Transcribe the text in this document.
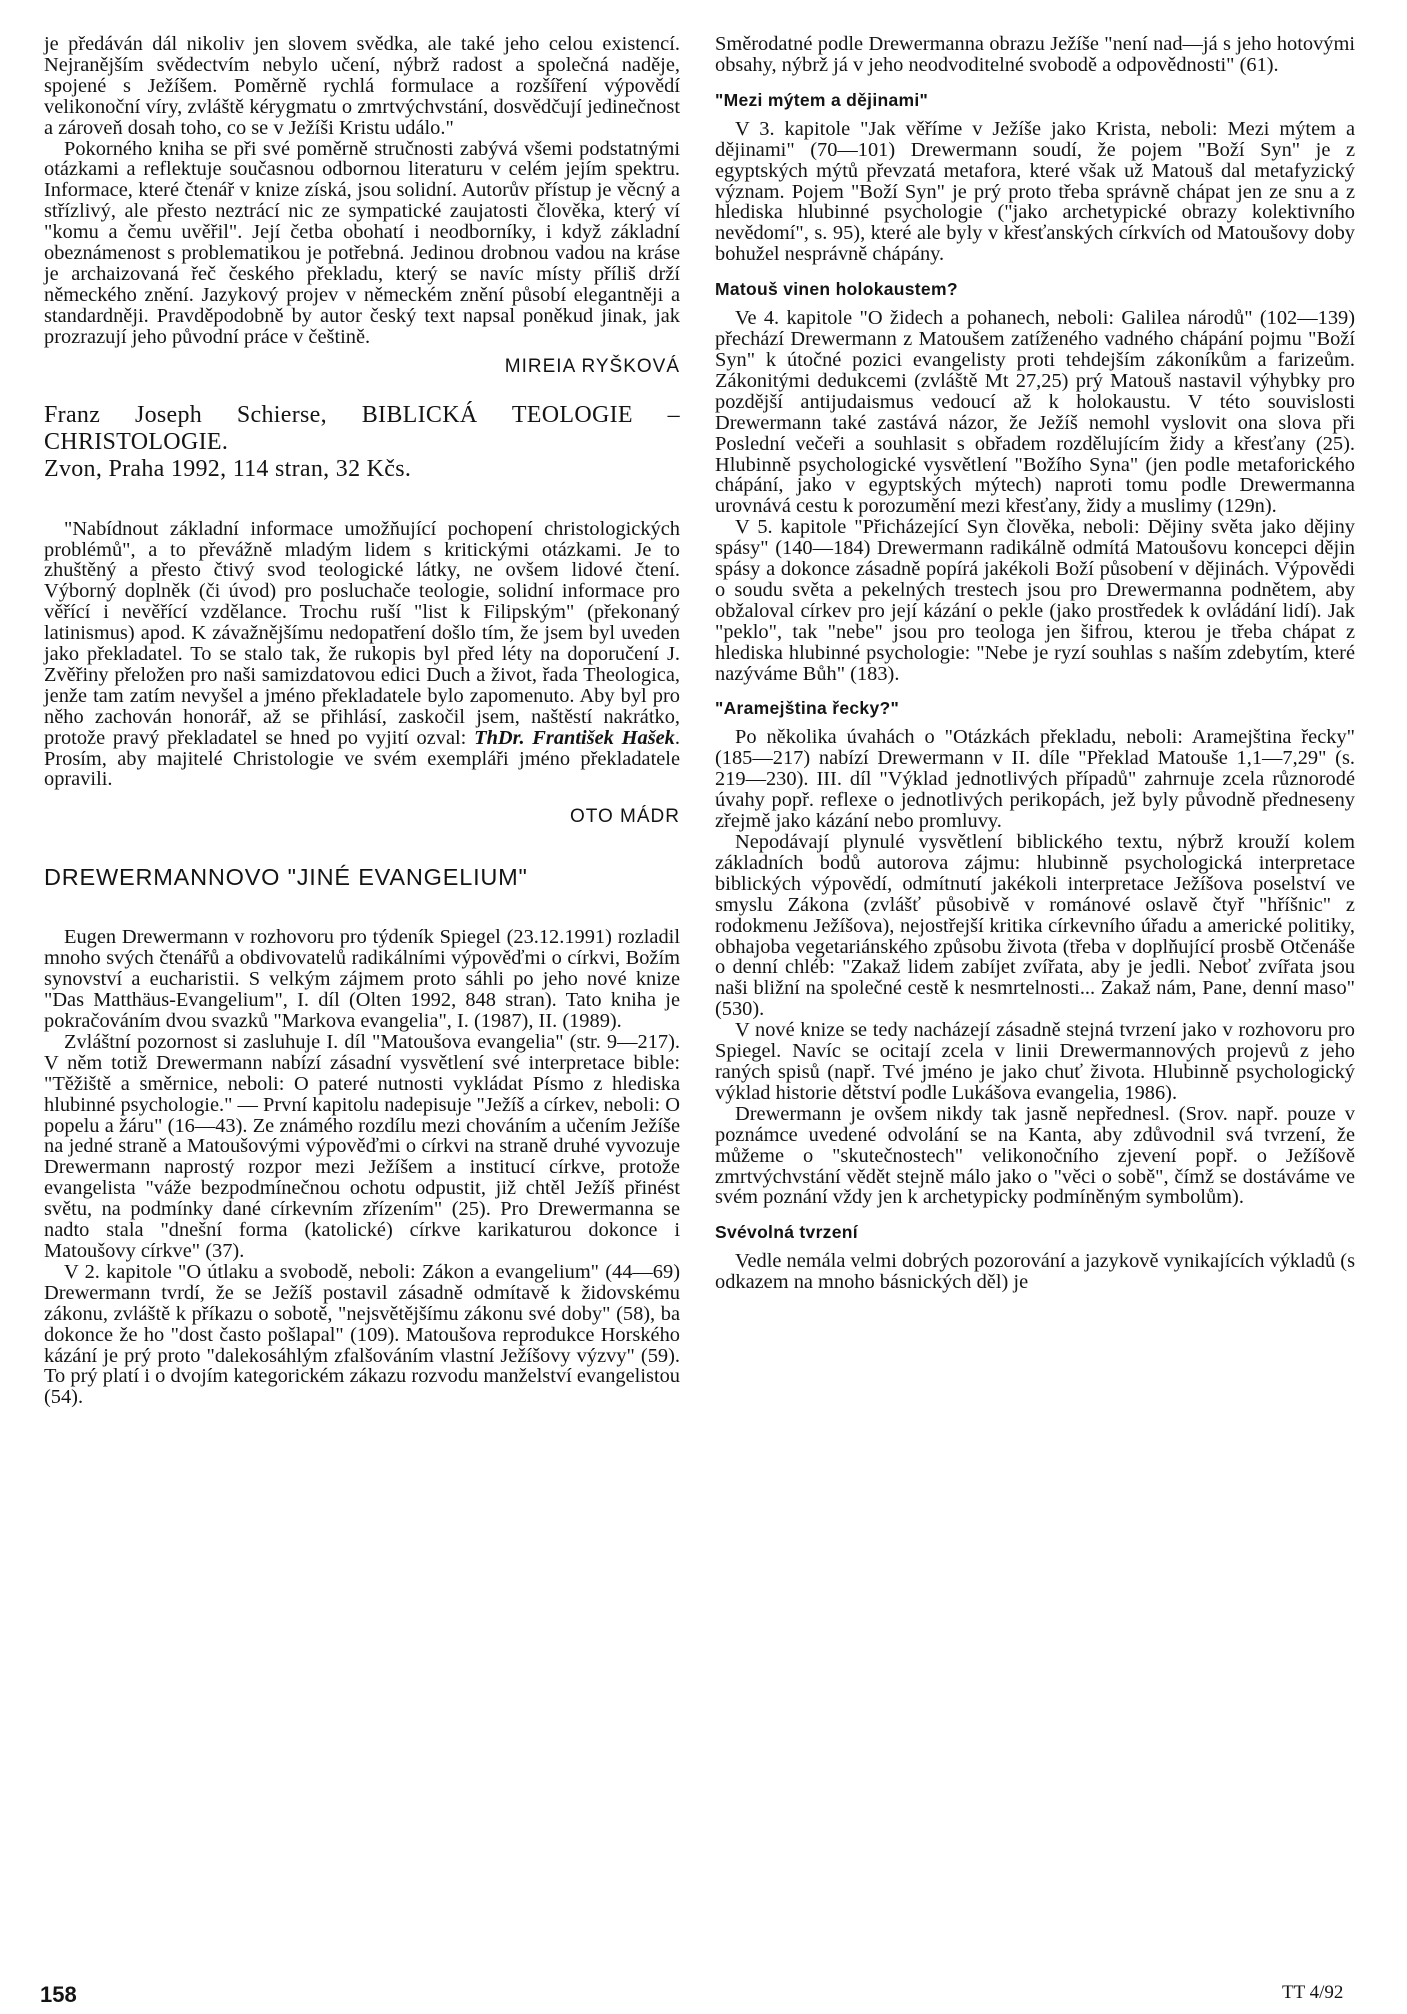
je předáván dál nikoliv jen slovem svědka, ale také jeho celou existencí. Nejranějším svědectvím nebylo učení, nýbrž radost a společná naděje, spojené s Ježíšem. Poměrně rychlá formulace a rozšíření výpovědí velikonoční víry, zvláště kérygmatu o zmrtvýchvstání, dosvědčují jedinečnost a zároveň dosah toho, co se v Ježíši Kristu událo."

Pokorného kniha se při své poměrně stručnosti zabývá všemi podstatnými otázkami a reflektuje současnou odbornou literaturu v celém jejím spektru. Informace, které čtenář v knize získá, jsou solidní. Autorův přístup je věcný a střízlivý, ale přesto neztrácí nic ze sympatické zaujatosti člověka, který ví "komu a čemu uvěřil". Její četba obohatí i neodborníky, i když základní obeznámenost s problematikou je potřebná. Jedinou drobnou vadou na kráse je archaizovaná řeč českého překladu, který se navíc místy příliš drží německého znění. Jazykový projev v německém znění působí elegantněji a standardněji. Pravděpodobně by autor český text napsal poněkud jinak, jak prozrazují jeho původní práce v češtině.

MIREIA RYŠKOVÁ

Franz Joseph Schierse, BIBLICKÁ TEOLOGIE – CHRISTOLOGIE.

Zvon, Praha 1992, 114 stran, 32 Kčs.

"Nabídnout základní informace umožňující pochopení christologických problémů", a to převážně mladým lidem s kritickými otázkami. Je to zhuštěný a přesto čtivý svod teologické látky, ne ovšem lidové čtení. Výborný doplněk (či úvod) pro posluchače teologie, solidní informace pro věřící i nevěřící vzdělance. Trochu ruší "list k Filipským" (překonaný latinismus) apod. K závažnějšímu nedopatření došlo tím, že jsem byl uveden jako překladatel. To se stalo tak, že rukopis byl před léty na doporučení J. Zvěřiny přeložen pro naši samizdatovou edici Duch a život, řada Theologica, jenže tam zatím nevyšel a jméno překladatele bylo zapomenuto. Aby byl pro něho zachován honorář, až se přihlásí, zaskočil jsem, naštěstí nakrátko, protože pravý překladatel se hned po vyjití ozval: ThDr. František Hašek. Prosím, aby majitelé Christologie ve svém exempláři jméno překladatele opravili.

OTO MÁDR

DREWERMANNOVO "JINÉ EVANGELIUM"

Eugen Drewermann v rozhovoru pro týdeník Spiegel (23.12.1991) rozladil mnoho svých čtenářů a obdivovatelů radikálními výpověďmi o církvi, Božím synovství a eucharistii. S velkým zájmem proto sáhli po jeho nové knize "Das Matthäus-Evangelium", I. díl (Olten 1992, 848 stran). Tato kniha je pokračováním dvou svazků "Markova evangelia", I. (1987), II. (1989).

Zvláštní pozornost si zasluhuje I. díl "Matoušova evangelia" (str. 9—217). V něm totiž Drewermann nabízí zásadní vysvětlení své interpretace bible: "Těžiště a směrnice, neboli: O pateré nutnosti vykládat Písmo z hlediska hlubinné psychologie." — První kapitolu nadepisuje "Ježíš a církev, neboli: O popelu a žáru" (16—43). Ze známého rozdílu mezi chováním a učením Ježíše na jedné straně a Matoušovými výpověďmi o církvi na straně druhé vyvozuje Drewermann naprostý rozpor mezi Ježíšem a institucí církve, protože evangelista "váže bezpodmínečnou ochotu odpustit, již chtěl Ježíš přinést světu, na podmínky dané církevním zřízením" (25). Pro Drewermanna se nadto stala "dnešní forma (katolické) církve karikaturou dokonce i Matoušovy církve" (37).

V 2. kapitole "O útlaku a svobodě, neboli: Zákon a evangelium" (44—69) Drewermann tvrdí, že se Ježíš postavil zásadně odmítavě k židovskému zákonu, zvláště k příkazu o sobotě, "nejsvětějšímu zákonu své doby" (58), ba dokonce že ho "dost často pošlapal" (109). Matoušova reprodukce Horského kázání je prý proto "dalekosáhlým zfalšováním vlastní Ježíšovy výzvy" (59). To prý platí i o dvojím kategorickém zákazu rozvodu manželství evangelistou (54).

Směrodatné podle Drewermanna obrazu Ježíše "není nad—já s jeho hotovými obsahy, nýbrž já v jeho neodvoditelné svobodě a odpovědnosti" (61).

"Mezi mýtem a dějinami"

V 3. kapitole "Jak věříme v Ježíše jako Krista, neboli: Mezi mýtem a dějinami" (70—101) Drewermann soudí, že pojem "Boží Syn" je z egyptských mýtů převzatá metafora, které však už Matouš dal metafyzický význam. Pojem "Boží Syn" je prý proto třeba správně chápat jen ze snu a z hlediska hlubinné psychologie ("jako archetypické obrazy kolektivního nevědomí", s. 95), které ale byly v křesťanských církvích od Matoušovy doby bohužel nesprávně chápány.

Matouš vinen holokaustem?

Ve 4. kapitole "O židech a pohanech, neboli: Galilea národů" (102—139) přechází Drewermann z Matoušem zatíženého vadného chápání pojmu "Boží Syn" k útočné pozici evangelisty proti tehdejším zákoníkům a farizeům. Zákonitými dedukcemi (zvláště Mt 27,25) prý Matouš nastavil výhybky pro pozdější antijudaismus vedoucí až k holokaustu. V této souvislosti Drewermann také zastává názor, že Ježíš nemohl vyslovit ona slova při Poslední večeři a souhlasit s obřadem rozdělujícím židy a křesťany (25). Hlubinně psychologické vysvětlení "Božího Syna" (jen podle metaforického chápání, jako v egyptských mýtech) naproti tomu podle Drewermanna urovnává cestu k porozumění mezi křesťany, židy a muslimy (129n).

V 5. kapitole "Přicházející Syn člověka, neboli: Dějiny světa jako dějiny spásy" (140—184) Drewermann radikálně odmítá Matoušovu koncepci dějin spásy a dokonce zásadně popírá jakékoli Boží působení v dějinách. Výpovědi o soudu světa a pekelných trestech jsou pro Drewermanna podnětem, aby obžaloval církev pro její kázání o pekle (jako prostředek k ovládání lidí). Jak "peklo", tak "nebe" jsou pro teologa jen šifrou, kterou je třeba chápat z hlediska hlubinné psychologie: "Nebe je ryzí souhlas s naším zdebytím, které nazýváme Bůh" (183).

"Aramejština řecky?"

Po několika úvahách o "Otázkách překladu, neboli: Aramejština řecky" (185—217) nabízí Drewermann v II. díle "Překlad Matouše 1,1—7,29" (s. 219—230). III. díl "Výklad jednotlivých případů" zahrnuje zcela různorodé úvahy popř. reflexe o jednotlivých perikopách, jež byly původně předneseny zřejmě jako kázání nebo promluvy.

Nepodávají plynulé vysvětlení biblického textu, nýbrž krouží kolem základních bodů autorova zájmu: hlubinně psychologická interpretace biblických výpovědí, odmítnutí jakékoli interpretace Ježíšova poselství ve smyslu Zákona (zvlášť působivě v románové oslavě čtyř "hříšnic" z rodokmenu Ježíšova), nejostřejší kritika církevního úřadu a americké politiky, obhajoba vegetariánského způsobu života (třeba v doplňující prosbě Otčenáše o denní chléb: "Zakaž lidem zabíjet zvířata, aby je jedli. Neboť zvířata jsou naši bližní na společné cestě k nesmrtelnosti... Zakaž nám, Pane, denní maso" (530).

V nové knize se tedy nacházejí zásadně stejná tvrzení jako v rozhovoru pro Spiegel. Navíc se ocitají zcela v linii Drewermannových projevů z jeho raných spisů (např. Tvé jméno je jako chuť života. Hlubinně psychologický výklad historie dětství podle Lukášova evangelia, 1986).

Drewermann je ovšem nikdy tak jasně nepřednesl. (Srov. např. pouze v poznámce uvedené odvolání se na Kanta, aby zdůvodnil svá tvrzení, že můžeme o "skutečnostech" velikonočního zjevení popř. o Ježíšově zmrtvýchvstání vědět stejně málo jako o "věci o sobě", čímž se dostáváme ve svém poznání vždy jen k archetypicky podmíněným symbolům).

Svévolná tvrzení

Vedle nemála velmi dobrých pozorování a jazykově vynikajících výkladů (s odkazem na mnoho básnických děl) je

158	TT 4/92
